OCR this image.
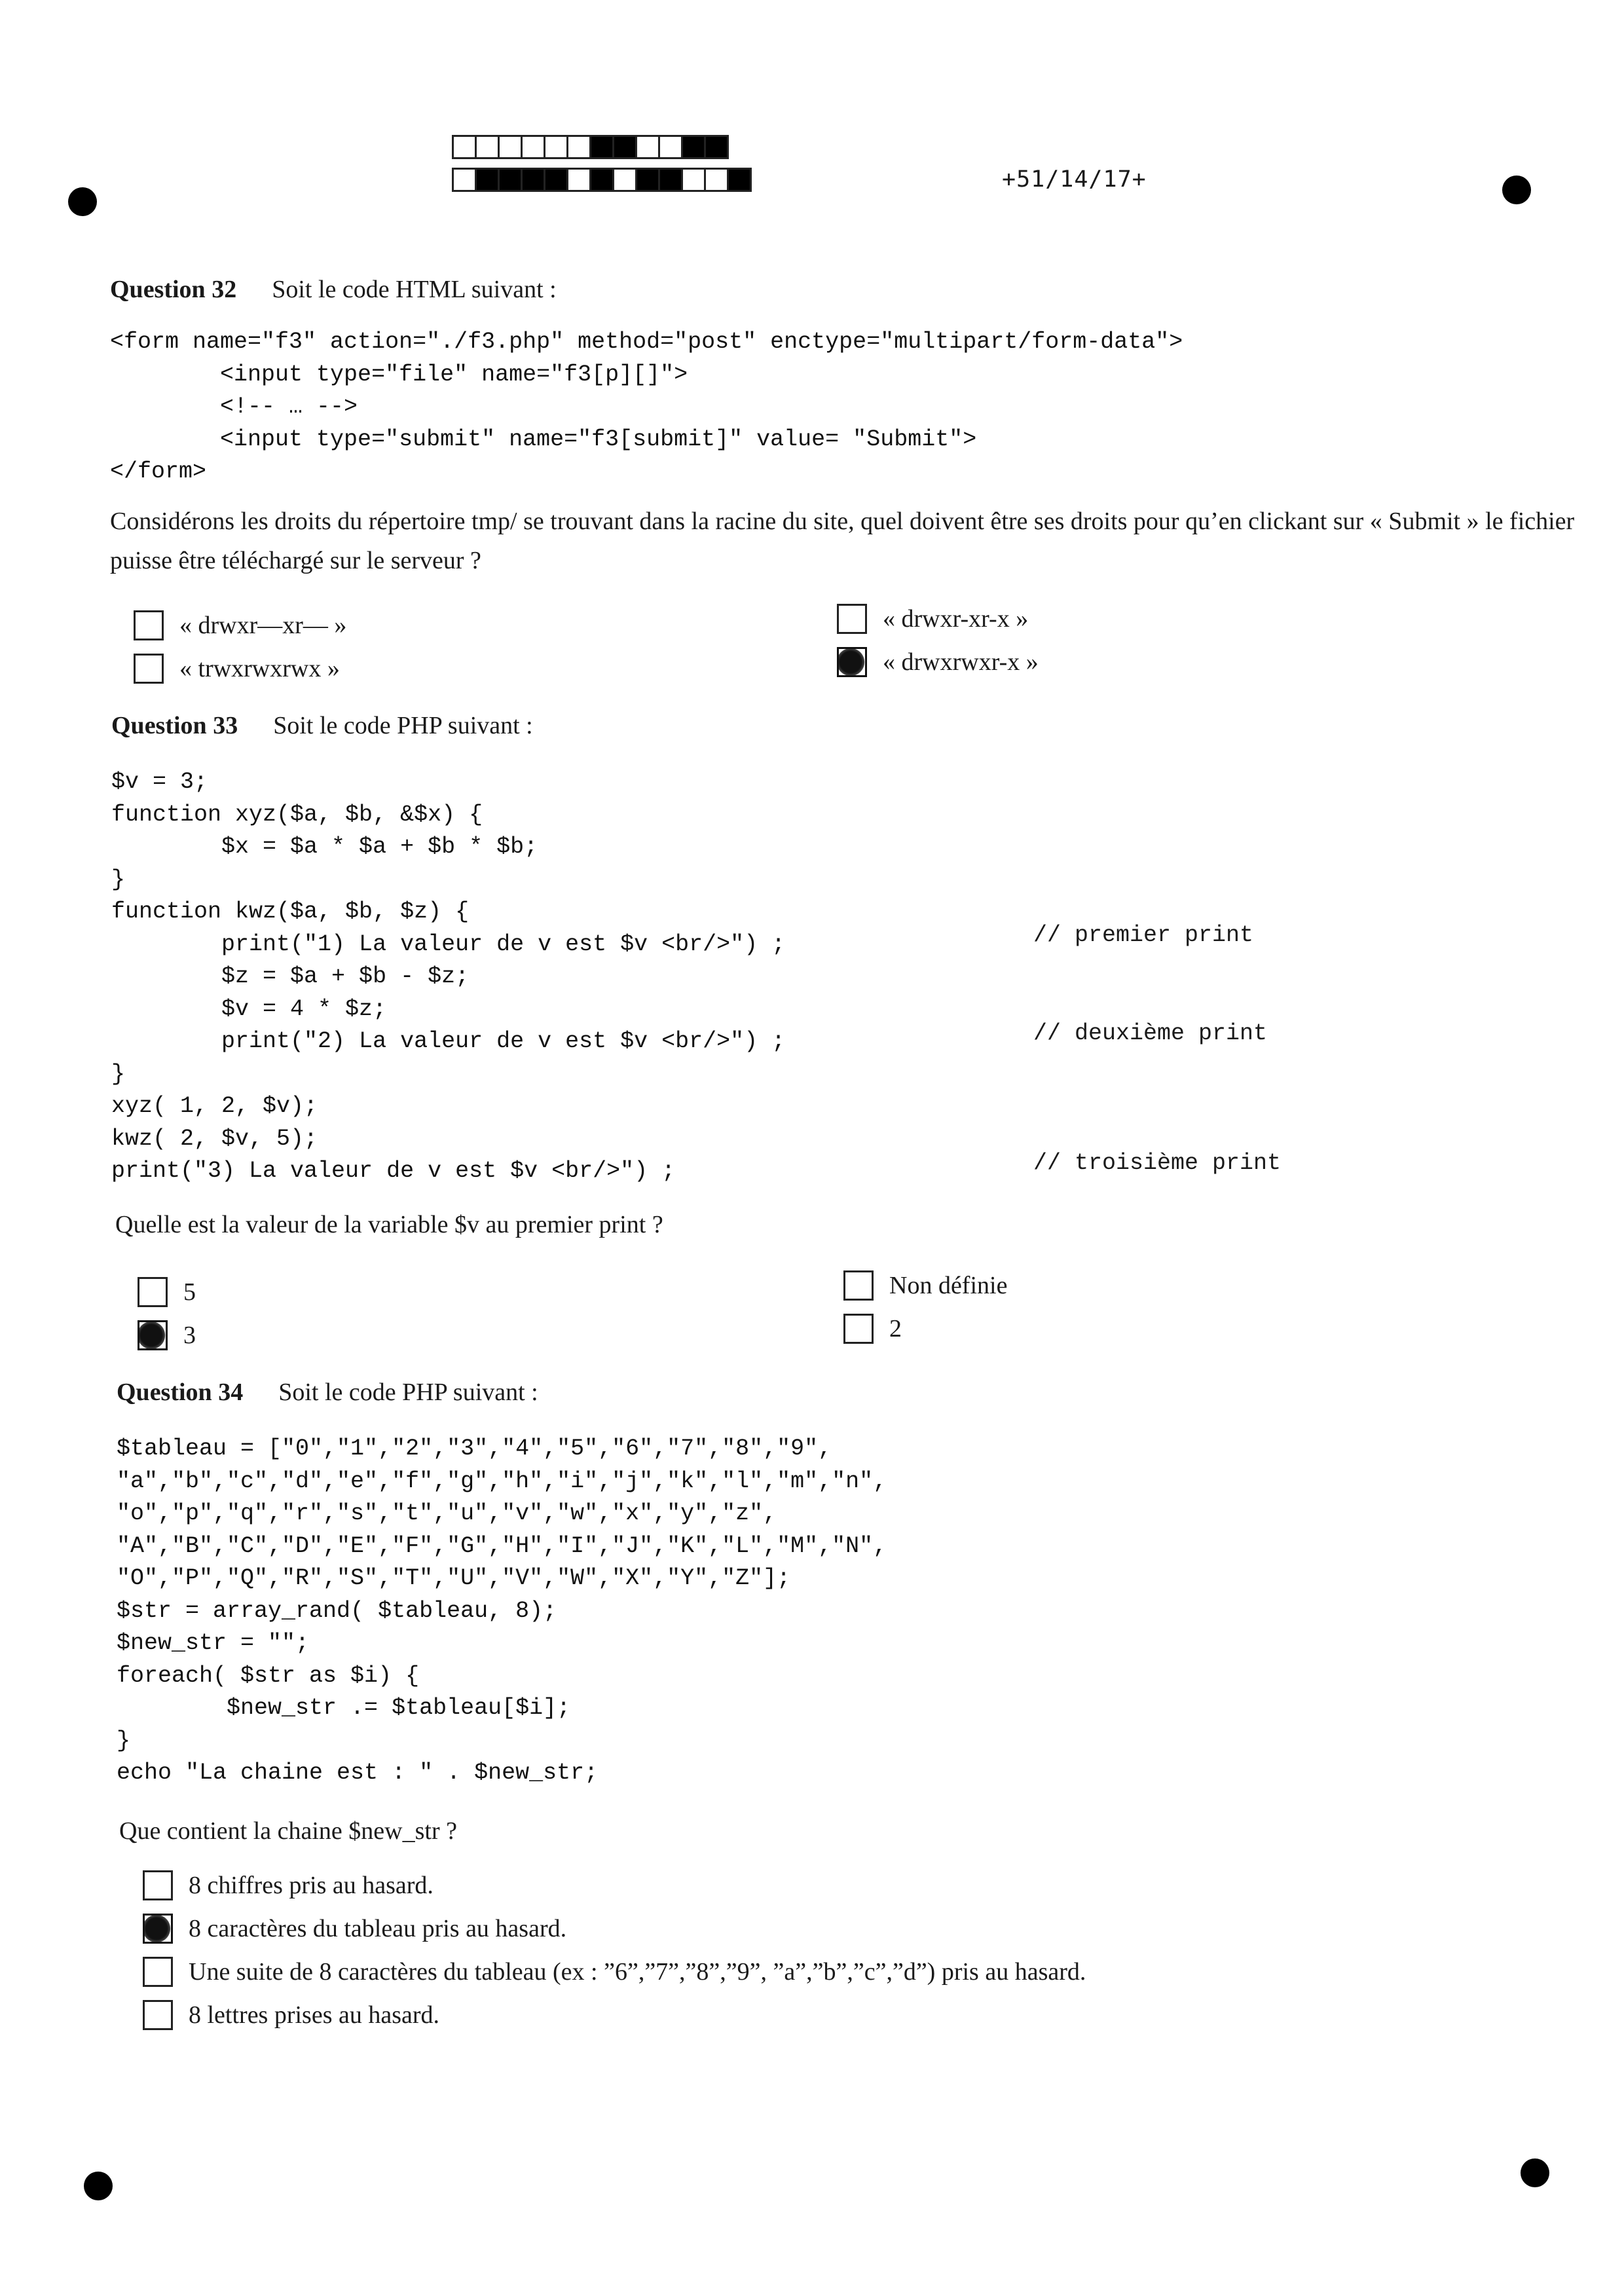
+51/14/17+
Question 32 Soit le code HTML suivant :
<form name="f3" action="./f3.php" method="post" enctype="multipart/form-data">
<input type="file" name="f3[p][]">
<!-- … -->
<input type="submit" name="f3[submit]" value= "Submit">
</form>
Considérons les droits du répertoire tmp/ se trouvant dans la racine du site, quel doivent être ses droits pour qu’en clickant sur « Submit » le fichier puisse être téléchargé sur le serveur ?
« drwxr—xr— »
« trwxrwxrwx »
« drwxr-xr-x »
« drwxrwxr-x »
Question 33 Soit le code PHP suivant :
$v = 3;
function xyz($a, $b, &$x) {
$x = $a * $a + $b * $b;
}
function kwz($a, $b, $z) {
print("1) La valeur de v est $v <br/>") ;
$z = $a + $b - $z;
$v = 4 * $z;
print("2) La valeur de v est $v <br/>") ;
}
xyz( 1, 2, $v);
kwz( 2, $v, 5);
print("3) La valeur de v est $v <br/>") ;
// premier print
// deuxième print
// troisième print
Quelle est la valeur de la variable $v au premier print ?
5
3
Non définie
2
Question 34 Soit le code PHP suivant :
$tableau = ["0","1","2","3","4","5","6","7","8","9",
"a","b","c","d","e","f","g","h","i","j","k","l","m","n",
"o","p","q","r","s","t","u","v","w","x","y","z",
"A","B","C","D","E","F","G","H","I","J","K","L","M","N",
"O","P","Q","R","S","T","U","V","W","X","Y","Z"];
$str = array_rand( $tableau, 8);
$new_str = "";
foreach( $str as $i) {
$new_str .= $tableau[$i];
}
echo "La chaine est : " . $new_str;
Que contient la chaine $new_str ?
8 chiffres pris au hasard.
8 caractères du tableau pris au hasard.
Une suite de 8 caractères du tableau (ex : ”6”,”7”,”8”,”9”, ”a”,”b”,”c”,”d”) pris au hasard.
8 lettres prises au hasard.
